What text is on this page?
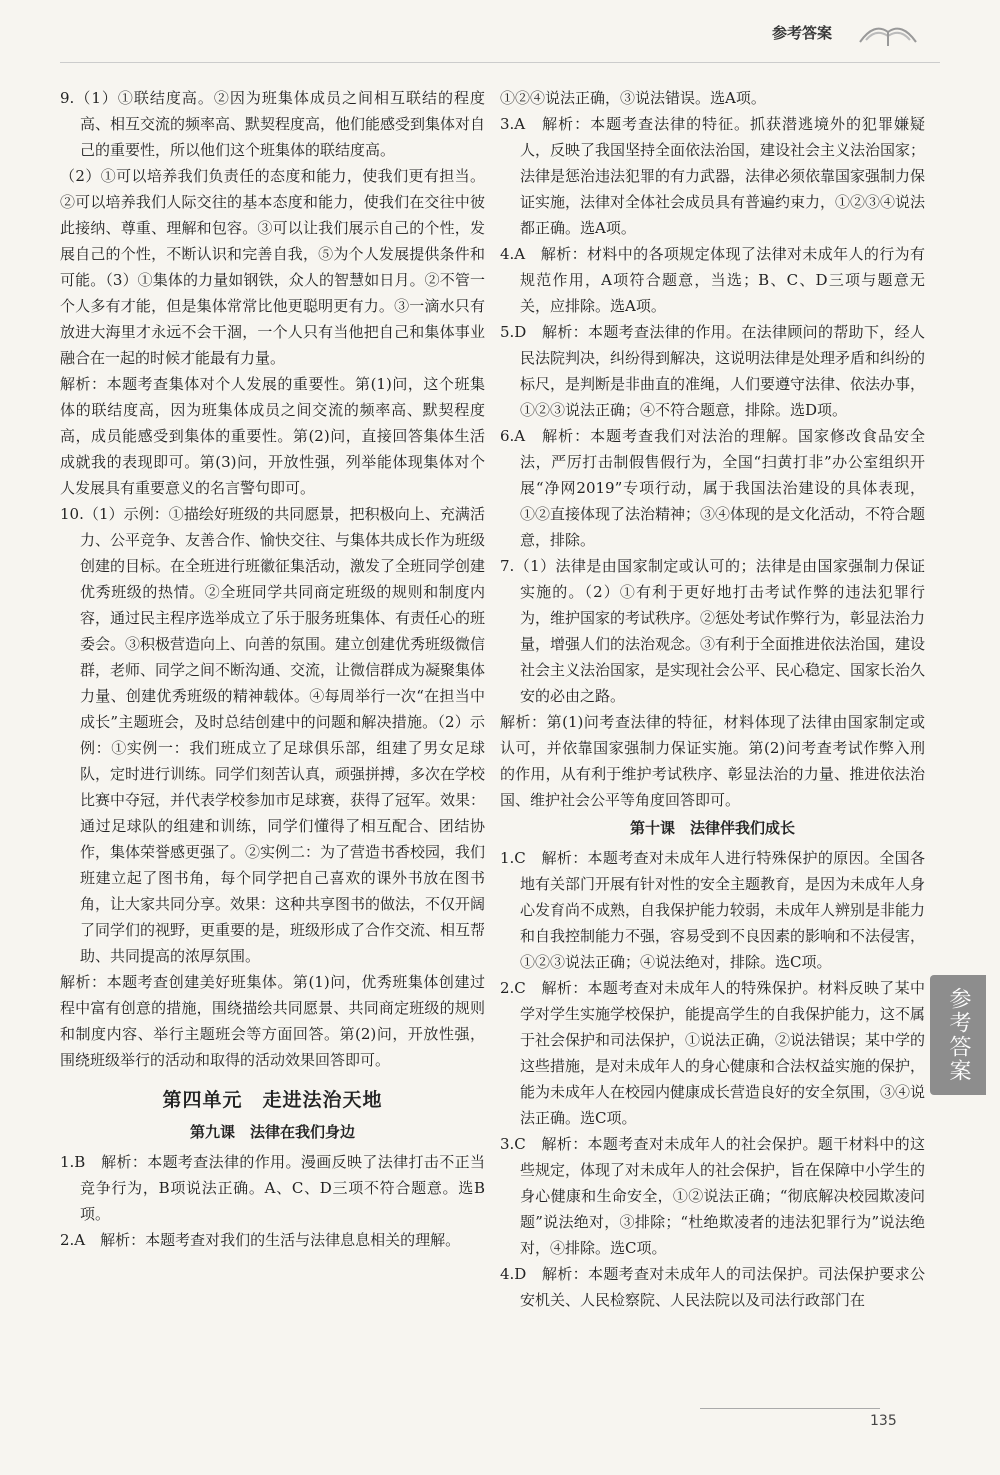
参考答案

9.（1）①联结度高。②因为班集体成员之间相互联结的程度高、相互交流的频率高、默契程度高，他们能感受到集体对自己的重要性，所以他们这个班集体的联结度高。

（2）①可以培养我们负责任的态度和能力，使我们更有担当。②可以培养我们人际交往的基本态度和能力，使我们在交往中彼此接纳、尊重、理解和包容。③可以让我们展示自己的个性，发展自己的个性，不断认识和完善自我，⑤为个人发展提供条件和可能。（3）①集体的力量如钢铁，众人的智慧如日月。②不管一个人多有才能，但是集体常常比他更聪明更有力。③一滴水只有放进大海里才永远不会干涸，一个人只有当他把自己和集体事业融合在一起的时候才能最有力量。

解析：本题考查集体对个人发展的重要性。第(1)问，这个班集体的联结度高，因为班集体成员之间交流的频率高、默契程度高，成员能感受到集体的重要性。第(2)问，直接回答集体生活成就我的表现即可。第(3)问，开放性强，列举能体现集体对个人发展具有重要意义的名言警句即可。

10.（1）示例：①描绘好班级的共同愿景，把积极向上、充满活力、公平竞争、友善合作、愉快交往、与集体共成长作为班级创建的目标。在全班进行班徽征集活动，激发了全班同学创建优秀班级的热情。②全班同学共同商定班级的规则和制度内容，通过民主程序选举成立了乐于服务班集体、有责任心的班委会。③积极营造向上、向善的氛围。建立创建优秀班级微信群，老师、同学之间不断沟通、交流，让微信群成为凝聚集体力量、创建优秀班级的精神载体。④每周举行一次“在担当中成长”主题班会，及时总结创建中的问题和解决措施。（2）示例：①实例一：我们班成立了足球俱乐部，组建了男女足球队，定时进行训练。同学们刻苦认真，顽强拼搏，多次在学校比赛中夺冠，并代表学校参加市足球赛，获得了冠军。效果：通过足球队的组建和训练，同学们懂得了相互配合、团结协作，集体荣誉感更强了。②实例二：为了营造书香校园，我们班建立起了图书角，每个同学把自己喜欢的课外书放在图书角，让大家共同分享。效果：这种共享图书的做法，不仅开阔了同学们的视野，更重要的是，班级形成了合作交流、相互帮助、共同提高的浓厚氛围。

解析：本题考查创建美好班集体。第(1)问，优秀班集体创建过程中富有创意的措施，围绕描绘共同愿景、共同商定班级的规则和制度内容、举行主题班会等方面回答。第(2)问，开放性强，围绕班级举行的活动和取得的活动效果回答即可。

第四单元　走进法治天地
第九课　法律在我们身边

1.B　解析：本题考查法律的作用。漫画反映了法律打击不正当竞争行为，B项说法正确。A、C、D三项不符合题意。选B项。

2.A　解析：本题考查对我们的生活与法律息息相关的理解。

①②④说法正确，③说法错误。选A项。

3.A　解析：本题考查法律的特征。抓获潜逃境外的犯罪嫌疑人，反映了我国坚持全面依法治国，建设社会主义法治国家；法律是惩治违法犯罪的有力武器，法律必须依靠国家强制力保证实施，法律对全体社会成员具有普遍约束力，①②③④说法都正确。选A项。

4.A　解析：材料中的各项规定体现了法律对未成年人的行为有规范作用，A项符合题意，当选；B、C、D三项与题意无关，应排除。选A项。

5.D　解析：本题考查法律的作用。在法律顾问的帮助下，经人民法院判决，纠纷得到解决，这说明法律是处理矛盾和纠纷的标尺，是判断是非曲直的准绳，人们要遵守法律、依法办事，①②③说法正确；④不符合题意，排除。选D项。

6.A　解析：本题考查我们对法治的理解。国家修改食品安全法，严厉打击制假售假行为，全国“扫黄打非”办公室组织开展“净网2019”专项行动，属于我国法治建设的具体表现，①②直接体现了法治精神；③④体现的是文化活动，不符合题意，排除。

7.（1）法律是由国家制定或认可的；法律是由国家强制力保证实施的。（2）①有利于更好地打击考试作弊的违法犯罪行为，维护国家的考试秩序。②惩处考试作弊行为，彰显法治力量，增强人们的法治观念。③有利于全面推进依法治国，建设社会主义法治国家，是实现社会公平、民心稳定、国家长治久安的必由之路。

解析：第(1)问考查法律的特征，材料体现了法律由国家制定或认可，并依靠国家强制力保证实施。第(2)问考查考试作弊入刑的作用，从有利于维护考试秩序、彰显法治的力量、推进依法治国、维护社会公平等角度回答即可。

第十课　法律伴我们成长

1.C　解析：本题考查对未成年人进行特殊保护的原因。全国各地有关部门开展有针对性的安全主题教育，是因为未成年人身心发育尚不成熟，自我保护能力较弱，未成年人辨别是非能力和自我控制能力不强，容易受到不良因素的影响和不法侵害，①②③说法正确；④说法绝对，排除。选C项。

2.C　解析：本题考查对未成年人的特殊保护。材料反映了某中学对学生实施学校保护，能提高学生的自我保护能力，这不属于社会保护和司法保护，①说法正确，②说法错误；某中学的这些措施，是对未成年人的身心健康和合法权益实施的保护，能为未成年人在校园内健康成长营造良好的安全氛围，③④说法正确。选C项。

3.C　解析：本题考查对未成年人的社会保护。题干材料中的这些规定，体现了对未成年人的社会保护，旨在保障中小学生的身心健康和生命安全，①②说法正确；“彻底解决校园欺凌问题”说法绝对，③排除；“杜绝欺凌者的违法犯罪行为”说法绝对，④排除。选C项。

4.D　解析：本题考查对未成年人的司法保护。司法保护要求公安机关、人民检察院、人民法院以及司法行政部门在

参考答案
135
